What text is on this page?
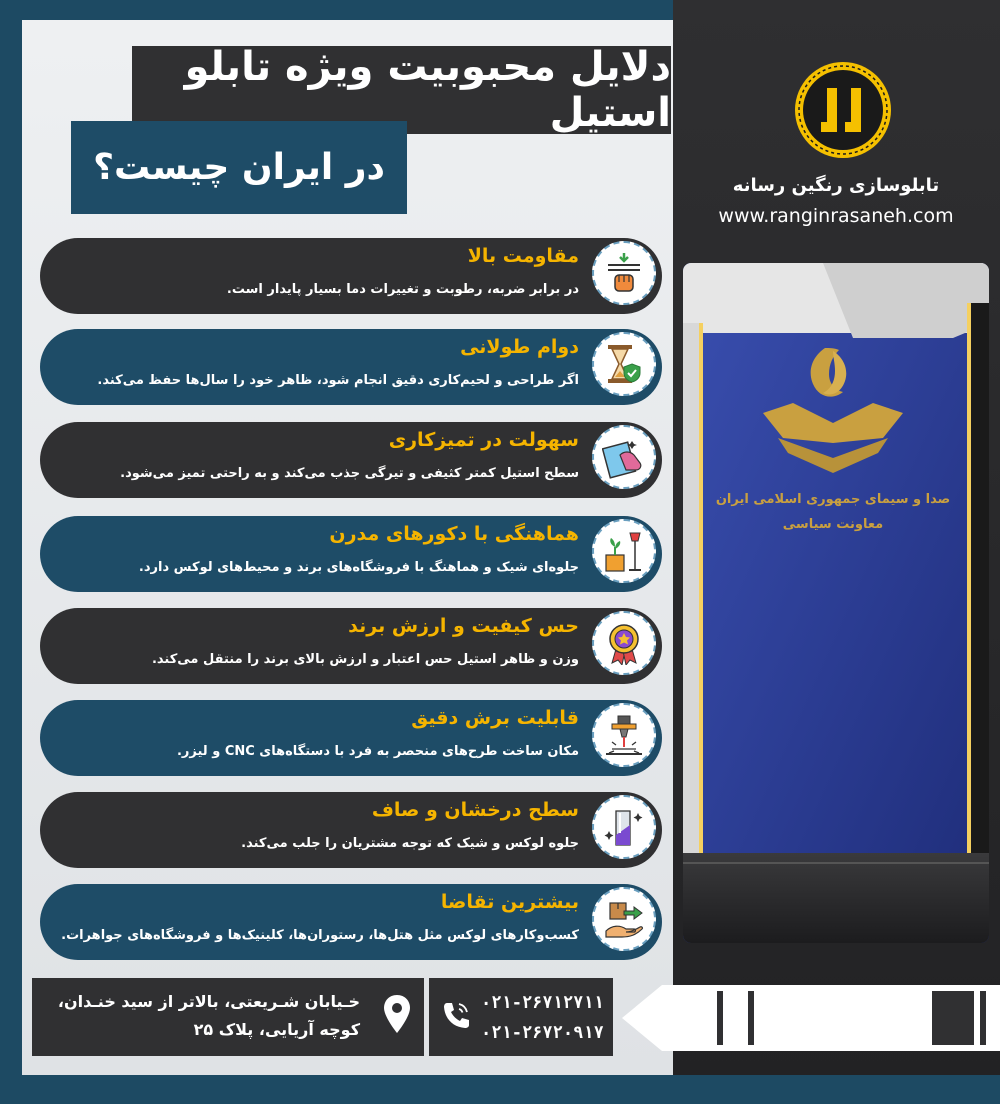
دلایل محبوبیت ویژه تابلو استیل
در ایران چیست؟
مقاومت بالا
در برابر ضربه، رطوبت و تغییرات دما بسیار پایدار است.
دوام طولانی
اگر طراحی و لحیم‌کاری دقیق انجام شود، ظاهر خود را سال‌ها حفظ می‌کند.
سهولت در تمیزکاری
سطح استیل کمتر کثیفی و تیرگی جذب می‌کند و به راحتی تمیز می‌شود.
هماهنگی با دکورهای مدرن
جلوه‌ای شیک و هماهنگ با فروشگاه‌های برند و محیط‌های لوکس دارد.
حس کیفیت و ارزش برند
وزن و ظاهر استیل حس اعتبار و ارزش بالای برند را منتقل می‌کند.
قابلیت برش دقیق
مکان ساخت طرح‌های منحصر به فرد با دستگاه‌های CNC و لیزر.
سطح درخشان و صاف
جلوه لوکس و شیک که توجه مشتریان را جلب می‌کند.
بیشترین تقاضا
کسب‌وکارهای لوکس مثل هتل‌ها، رستوران‌ها، کلینیک‌ها و فروشگاه‌های جواهرات.
خـیابان شـریعتی، بالاتر از سید خنـدان،
کوچه آریایی، پلاک ۲۵
۰۲۱-۲۶۷۱۲۷۱۱
۰۲۱-۲۶۷۲۰۹۱۷
تابلوسازی رنگین رسانه
www.ranginrasaneh.com
صدا و سیمای جمهوری اسلامی ایران
معاونت سیاسی
